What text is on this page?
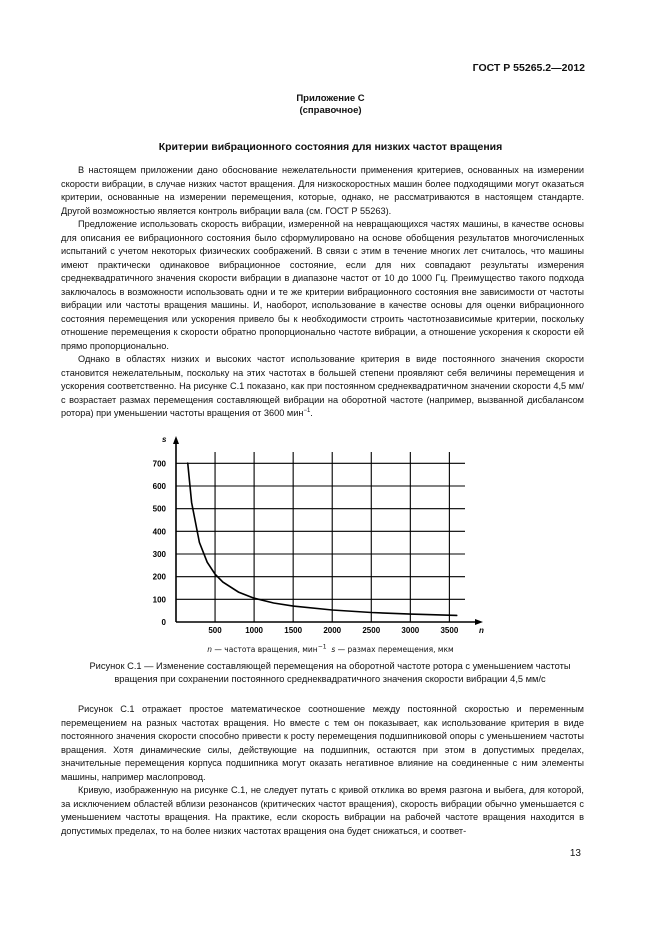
ГОСТ Р 55265.2—2012
Приложение С
(справочное)
Критерии вибрационного состояния для низких частот вращения

В настоящем приложении дано обоснование нежелательности применения критериев, основанных на измерении скорости вибрации, в случае низких частот вращения. Для низкоскоростных машин более подходящими могут оказаться критерии, основанные на измерении перемещения, которые, однако, не рассматриваются в настоящем стандарте. Другой возможностью является контроль вибрации вала (см. ГОСТ Р 55263).

Предложение использовать скорость вибрации, измеренной на невращающихся частях машины, в качестве основы для описания ее вибрационного состояния было сформулировано на основе обобщения результатов многочисленных испытаний с учетом некоторых физических соображений. В связи с этим в течение многих лет считалось, что машины имеют практически одинаковое вибрационное состояние, если для них совпадают результаты измерения среднеквадратичного значения скорости вибрации в диапазоне частот от 10 до 1000 Гц. Преимущество такого подхода заключалось в возможности использовать одни и те же критерии вибрационного состояния вне зависимости от частоты вибрации или частоты вращения машины. И, наоборот, использование в качестве основы для оценки вибрационного состояния перемещения или ускорения привело бы к необходимости строить частотнозависимые критерии, поскольку отношение перемещения к скорости обратно пропорционально частоте вибрации, а отношение ускорения к скорости ей прямо пропорционально.

Однако в областях низких и высоких частот использование критерия в виде постоянного значения скорости становится нежелательным, поскольку на этих частотах в большей степени проявляют себя величины перемещения и ускорения соответственно. На рисунке С.1 показано, как при постоянном среднеквадратичном значении скорости 4,5 мм/с возрастает размах перемещения составляющей вибрации на оборотной частоте (например, вызванной дисбалансом ротора) при уменьшении частоты вращения от 3600 мин$^{-1}$.

500	1000	1500	2000	2500	3000	3500
0
100
200
300
400
500
600
700
s
n
n — частота вращения, мин$^{-1}$ s — размах перемещения, мкм
Рисунок С.1 — Изменение составляющей перемещения на оборотной частоте ротора с уменьшением частоты вращения при сохранении постоянного среднеквадратичного значения скорости вибрации 4,5 мм/с

Рисунок С.1 отражает простое математическое соотношение между постоянной скоростью и переменным перемещением на разных частотах вращения. Но вместе с тем он показывает, как использование критерия в виде постоянного значения скорости способно привести к росту перемещения подшипниковой опоры с уменьшением частоты вращения. Хотя динамические силы, действующие на подшипник, остаются при этом в допустимых пределах, значительные перемещения корпуса подшипника могут оказать негативное влияние на соединенные с ним элементы машины, например маслопровод.

Кривую, изображенную на рисунке С.1, не следует путать с кривой отклика во время разгона и выбега, для которой, за исключением областей вблизи резонансов (критических частот вращения), скорость вибрации обычно уменьшается с уменьшением частоты вращения. На практике, если скорость вибрации на рабочей частоте вращения находится в допустимых пределах, то на более низких частотах вращения она будет снижаться, и соответ-

13
